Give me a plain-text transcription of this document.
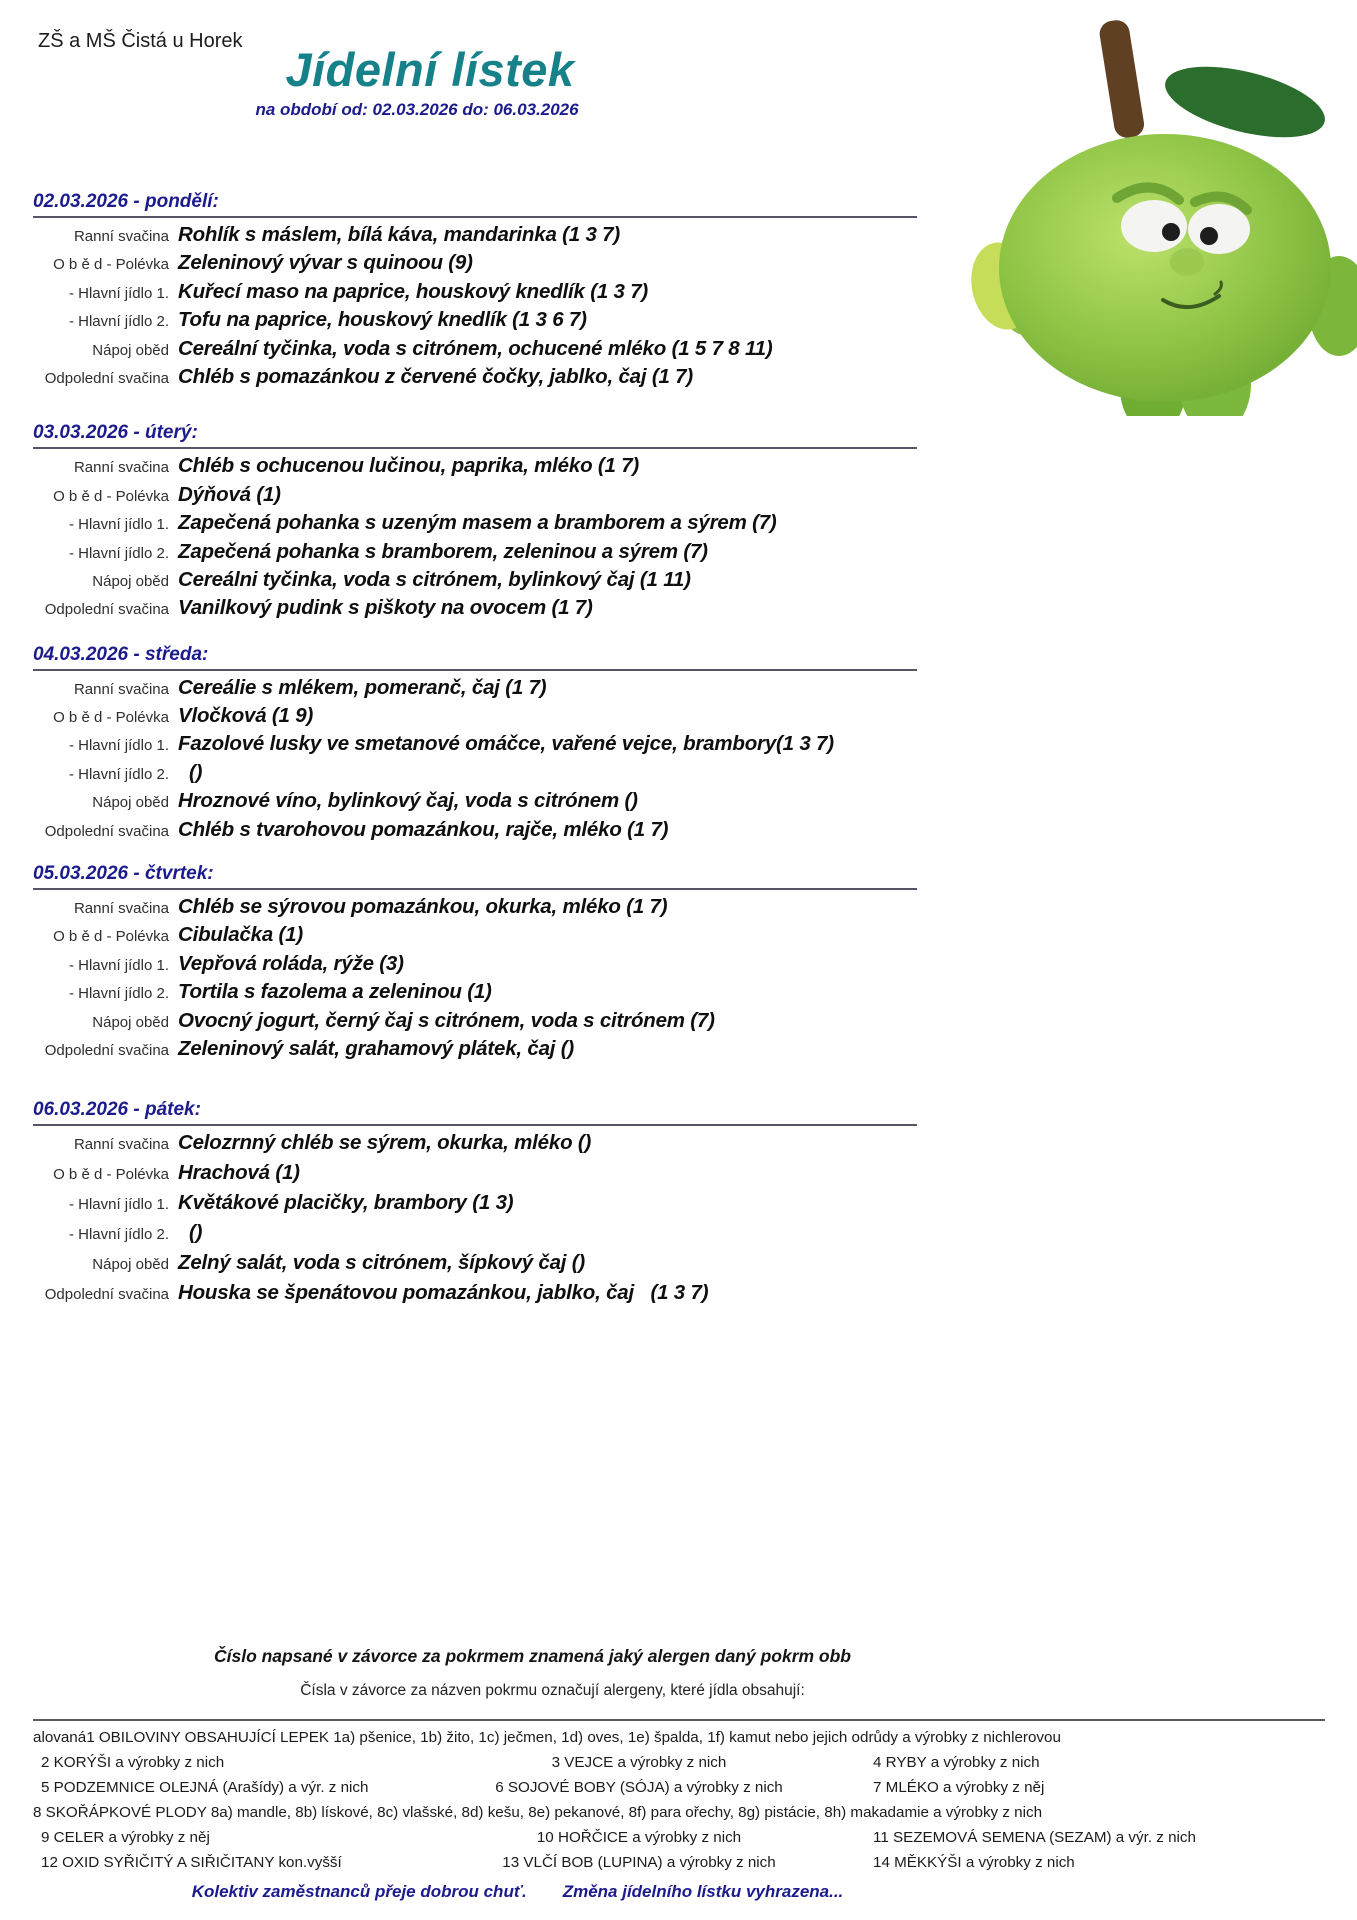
ZŠ a MŠ Čistá u Horek
Jídelní lístek
na období od: 02.03.2026 do: 06.03.2026
02.03.2026 - pondělí:
Ranní svačina Rohlík s máslem, bílá káva, mandarinka (1 3 7)
O b ě d - Polévka Zeleninový vývar s quinoou (9)
- Hlavní jídlo 1. Kuřecí maso na paprice, houskový knedlík (1 3 7)
- Hlavní jídlo 2. Tofu na paprice, houskový knedlík (1 3 6 7)
Nápoj oběd Cereální tyčinka, voda s citrónem, ochucené mléko (1 5 7 8 11)
Odpolední svačina Chléb s pomazánkou z červené čočky, jablko, čaj (1 7)
03.03.2026 - úterý:
Ranní svačina Chléb s ochucenou lučinou, paprika, mléko (1 7)
O b ě d - Polévka Dýňová (1)
- Hlavní jídlo 1. Zapečená pohanka s uzeným masem a bramborem a sýrem (7)
- Hlavní jídlo 2. Zapečená pohanka s bramborem, zeleninou a sýrem (7)
Nápoj oběd Cereálni tyčinka, voda s citrónem, bylinkový čaj (1 11)
Odpolední svačina Vanilkový pudink s piškoty na ovocem (1 7)
04.03.2026 - středa:
Ranní svačina Cereálie s mlékem, pomeranč, čaj (1 7)
O b ě d - Polévka Vločková (1 9)
- Hlavní jídlo 1. Fazolové lusky ve smetanové omáčce, vařené vejce, brambory(1 3 7)
- Hlavní jídlo 2. ()
Nápoj oběd Hroznové víno, bylinkový čaj, voda s citrónem ()
Odpolední svačina Chléb s tvarohovou pomazánkou, rajče, mléko (1 7)
05.03.2026 - čtvrtek:
Ranní svačina Chléb se sýrovou pomazánkou, okurka, mléko (1 7)
O b ě d - Polévka Cibulačka (1)
- Hlavní jídlo 1. Vepřová roláda, rýže (3)
- Hlavní jídlo 2. Tortila s fazolema a zeleninou (1)
Nápoj oběd Ovocný jogurt, černý čaj s citrónem, voda s citrónem (7)
Odpolední svačina Zeleninový salát, grahamový plátek, čaj ()
06.03.2026 - pátek:
Ranní svačina Celozrnný chléb se sýrem, okurka, mléko ()
O b ě d - Polévka Hrachová (1)
- Hlavní jídlo 1. Květákové placičky, brambory (1 3)
- Hlavní jídlo 2. ()
Nápoj oběd Zelný salát, voda s citrónem, šípkový čaj ()
Odpolední svačina Houska se špenátovou pomazánkou, jablko, čaj   (1 3 7)
Číslo napsané v závorce za pokrmem znamená jaký alergen daný pokrm obb
Čísla v závorce za názven pokrmu označují alergeny, které jídla obsahují:
alovaná1 OBILOVINY OBSAHUJÍCÍ LEPEK 1a) pšenice, 1b) žito, 1c) ječmen, 1d) oves, 1e) špalda, 1f) kamut nebo jejich odrůdy a výrobky z nichlerovou
2 KORÝŠI a výrobky z nich	3 VEJCE a výrobky z nich	4 RYBY a výrobky z nich
5 PODZEMNICE OLEJNÁ (Arašídy) a výr. z nich	6 SOJOVÉ BOBY (SÓJA) a výrobky z nich	7 MLÉKO a výrobky z něj
8 SKOŘÁPKOVÉ PLODY 8a) mandle, 8b) lískové, 8c) vlašské, 8d) kešu, 8e) pekanové, 8f) para ořechy, 8g) pistácie, 8h) makadamie a výrobky z nich
9 CELER a výrobky z něj	10 HOŘČICE a výrobky z nich	11 SEZEMOVÁ SEMENA (SEZAM) a výr. z nich
12 OXID SYŘIČITÝ A SIŘIČITANY kon.vyšší	13 VLČÍ BOB (LUPINA) a výrobky z nich	14 MĚKKÝŠI a výrobky z nich
Kolektiv zaměstnanců přeje dobrou chuť. Změna jídelního lístku vyhrazena...
